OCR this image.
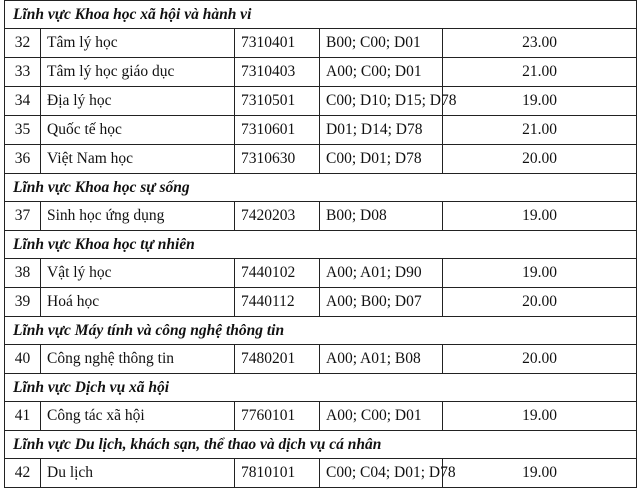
Lĩnh vực Khoa học xã hội và hành vi				
32	Tâm lý học	7310401	B00; C00; D01	23.00
33	Tâm lý học giáo dục	7310403	A00; C00; D01	21.00
34	Địa lý học	7310501	C00; D10; D15; D78	19.00
35	Quốc tế học	7310601	D01; D14; D78	21.00
36	Việt Nam học	7310630	C00; D01; D78	20.00
Lĩnh vực Khoa học sự sống				
37	Sinh học ứng dụng	7420203	B00; D08	19.00
Lĩnh vực Khoa học tự nhiên				
38	Vật lý học	7440102	A00; A01; D90	19.00
39	Hoá học	7440112	A00; B00; D07	20.00
Lĩnh vực Máy tính và công nghệ thông tin				
40	Công nghệ thông tin	7480201	A00; A01; B08	20.00
Lĩnh vực Dịch vụ xã hội				
41	Công tác xã hội	7760101	A00; C00; D01	19.00
Lĩnh vực Du lịch, khách sạn, thể thao và dịch vụ cá nhân				
42	Du lịch	7810101	C00; C04; D01; D78	19.00
